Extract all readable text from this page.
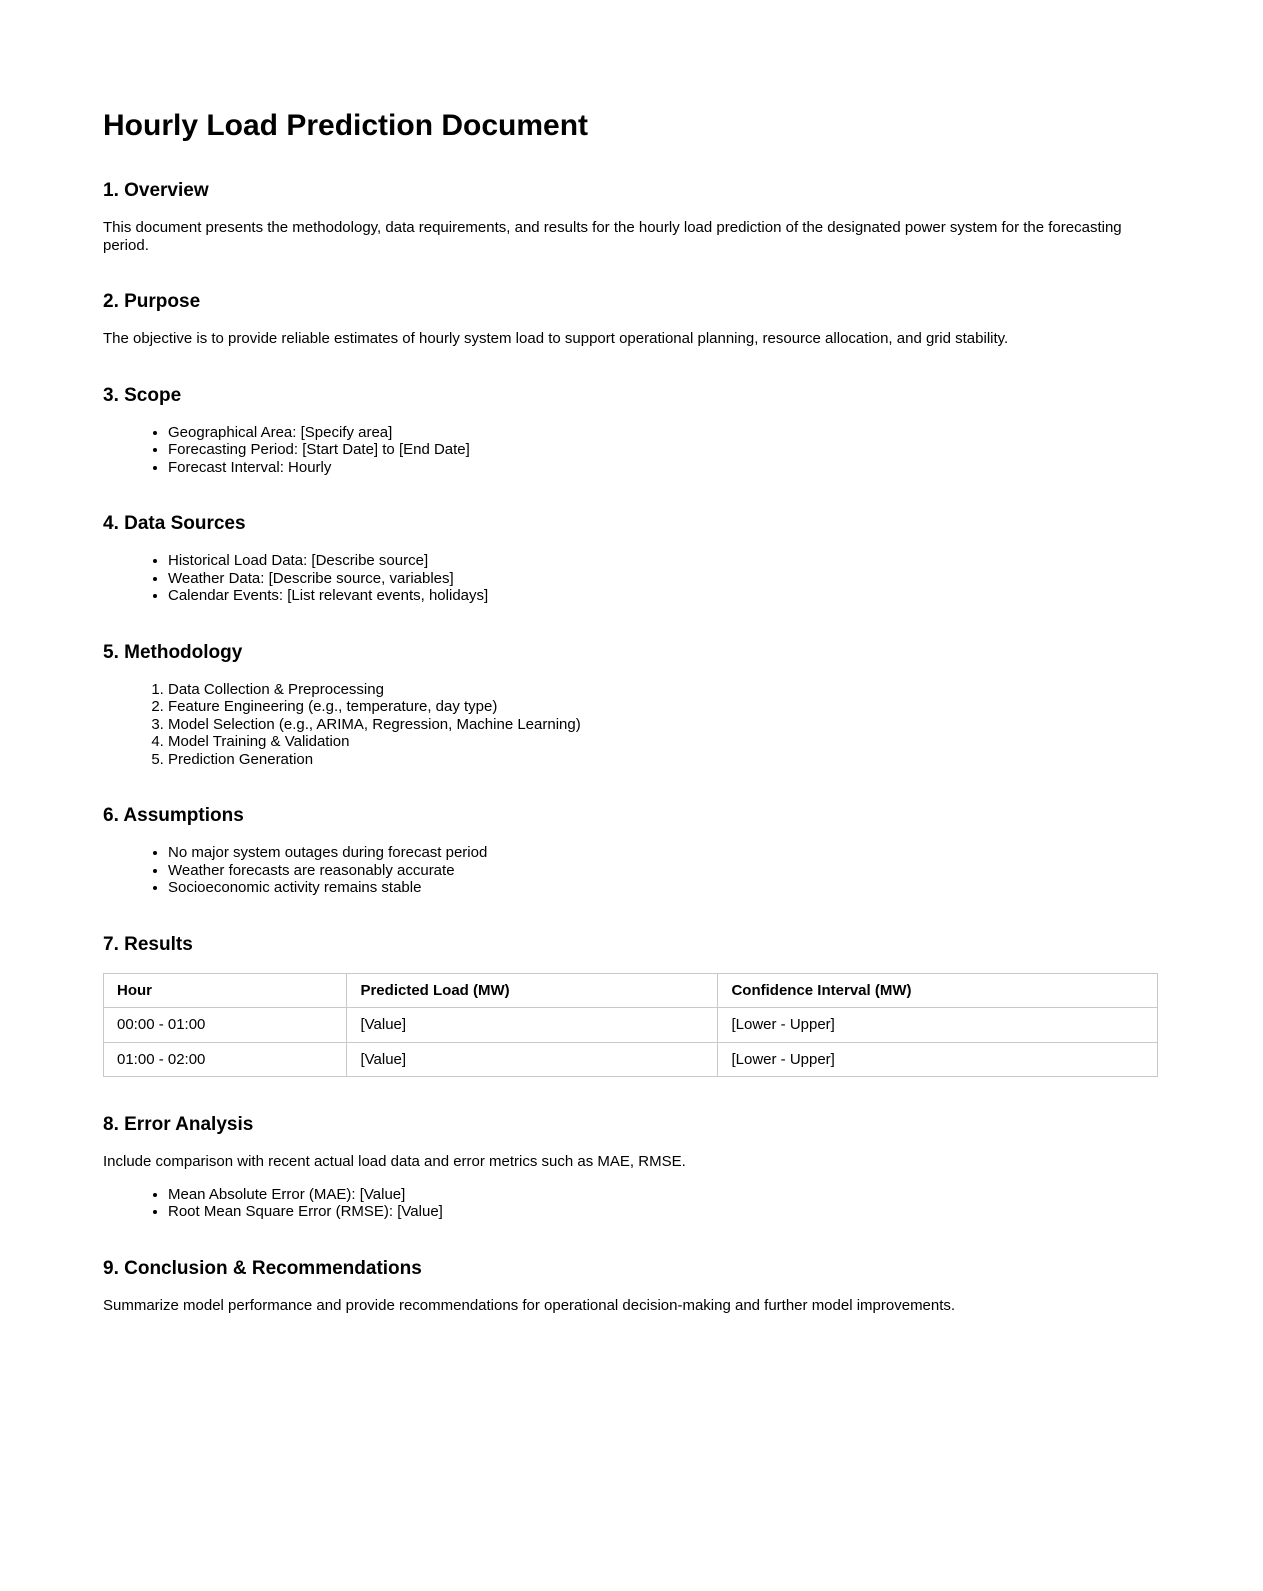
Hourly Load Prediction Document
1. Overview

This document presents the methodology, data requirements, and results for the hourly load prediction of the designated power system for the forecasting period.

2. Purpose

The objective is to provide reliable estimates of hourly system load to support operational planning, resource allocation, and grid stability.

3. Scope
• Geographical Area: [Specify area]
• Forecasting Period: [Start Date] to [End Date]
• Forecast Interval: Hourly
4. Data Sources
• Historical Load Data: [Describe source]
• Weather Data: [Describe source, variables]
• Calendar Events: [List relevant events, holidays]
5. Methodology
1. Data Collection & Preprocessing
2. Feature Engineering (e.g., temperature, day type)
3. Model Selection (e.g., ARIMA, Regression, Machine Learning)
4. Model Training & Validation
5. Prediction Generation
6. Assumptions
• No major system outages during forecast period
• Weather forecasts are reasonably accurate
• Socioeconomic activity remains stable
7. Results
Hour	Predicted Load (MW)	Confidence Interval (MW)
00:00 - 01:00	[Value]	[Lower - Upper]
01:00 - 02:00	[Value]	[Lower - Upper]
8. Error Analysis

Include comparison with recent actual load data and error metrics such as MAE, RMSE.

• Mean Absolute Error (MAE): [Value]
• Root Mean Square Error (RMSE): [Value]
9. Conclusion & Recommendations

Summarize model performance and provide recommendations for operational decision-making and further model improvements.
